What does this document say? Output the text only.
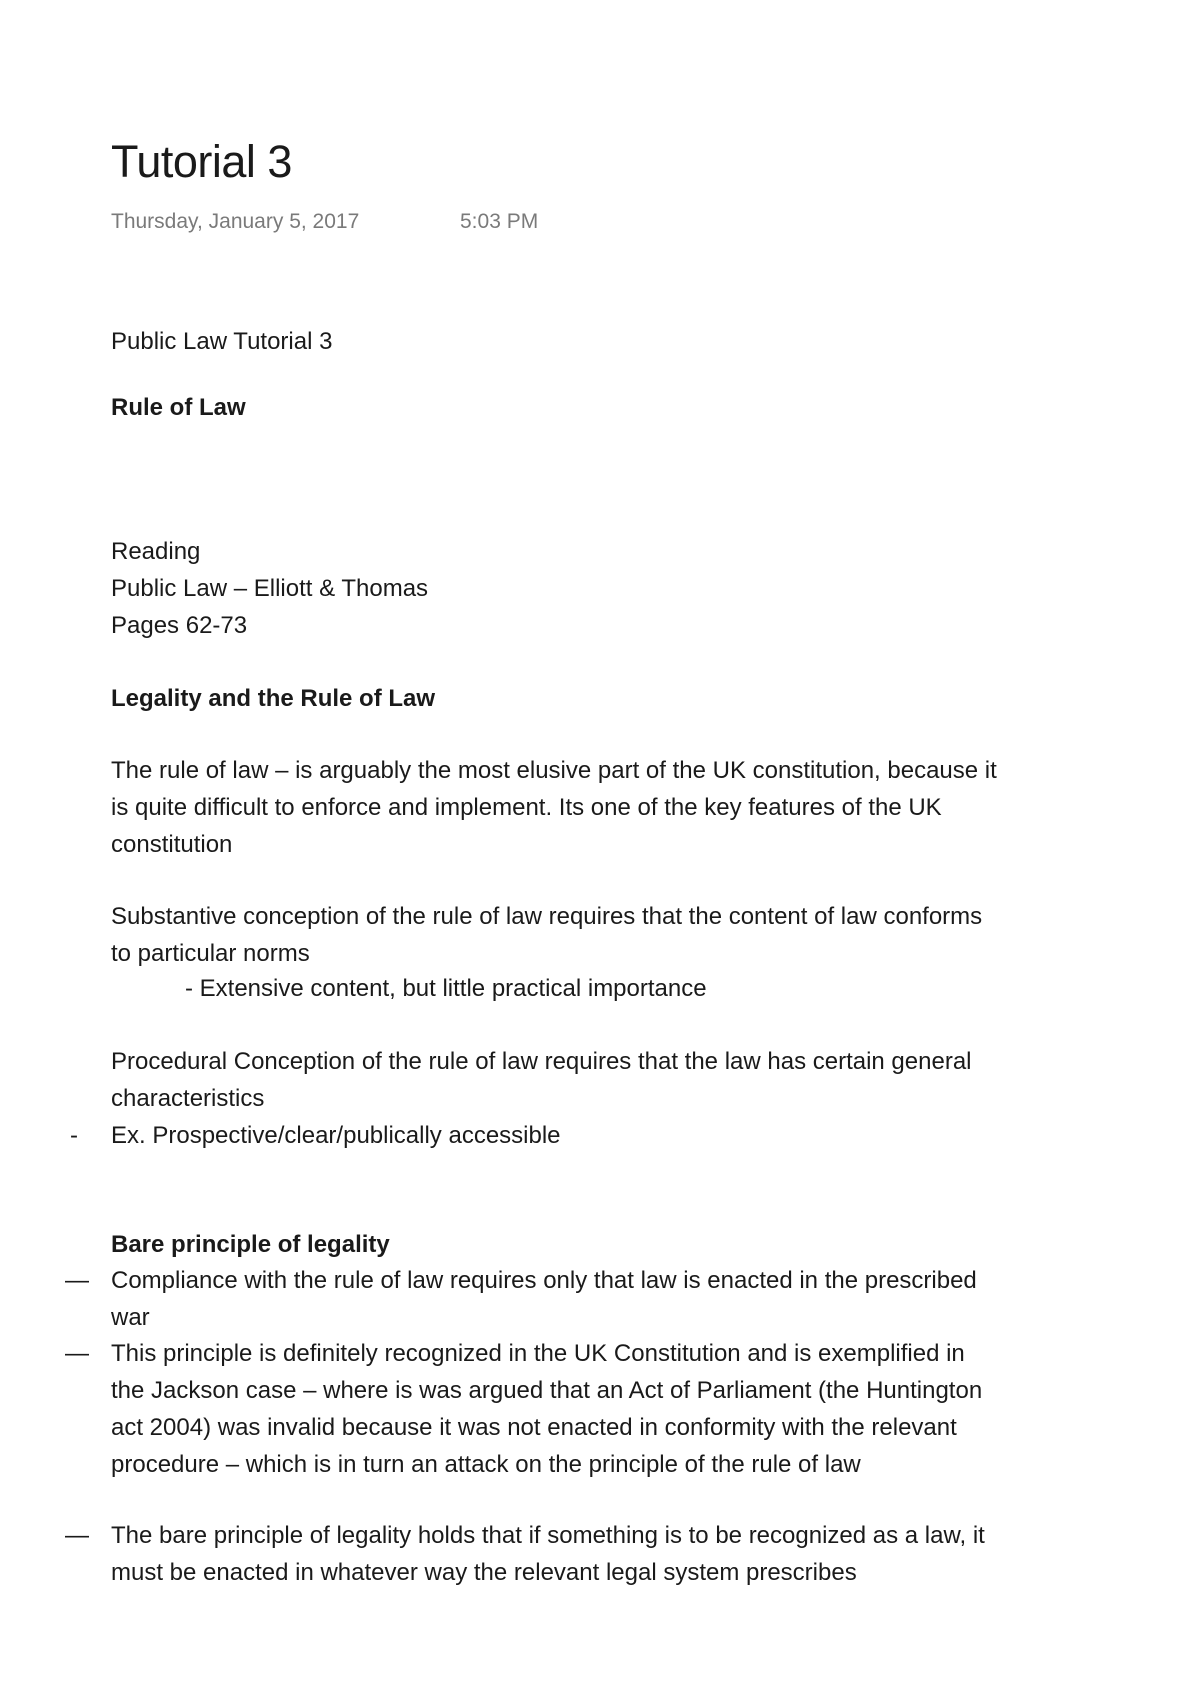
Tutorial 3
Thursday, January 5, 2017	5:03 PM
Public Law Tutorial 3
Rule of Law
Reading
Public Law – Elliott & Thomas
Pages 62-73
Legality and the Rule of Law
The rule of law – is arguably the most elusive part of the UK constitution, because it
is quite difficult to enforce and implement. Its one of the key features of the UK
constitution
Substantive conception of the rule of law requires that the content of law conforms
to particular norms
- Extensive content, but little practical importance
Procedural Conception of the rule of law requires that the law has certain general
characteristics
- Ex. Prospective/clear/publically accessible
Bare principle of legality
— Compliance with the rule of law requires only that law is enacted in the prescribed
war
— This principle is definitely recognized in the UK Constitution and is exemplified in
the Jackson case – where is was argued that an Act of Parliament (the Huntington
act 2004) was invalid because it was not enacted in conformity with the relevant
procedure – which is in turn an attack on the principle of the rule of law
— The bare principle of legality holds that if something is to be recognized as a law, it
must be enacted in whatever way the relevant legal system prescribes
